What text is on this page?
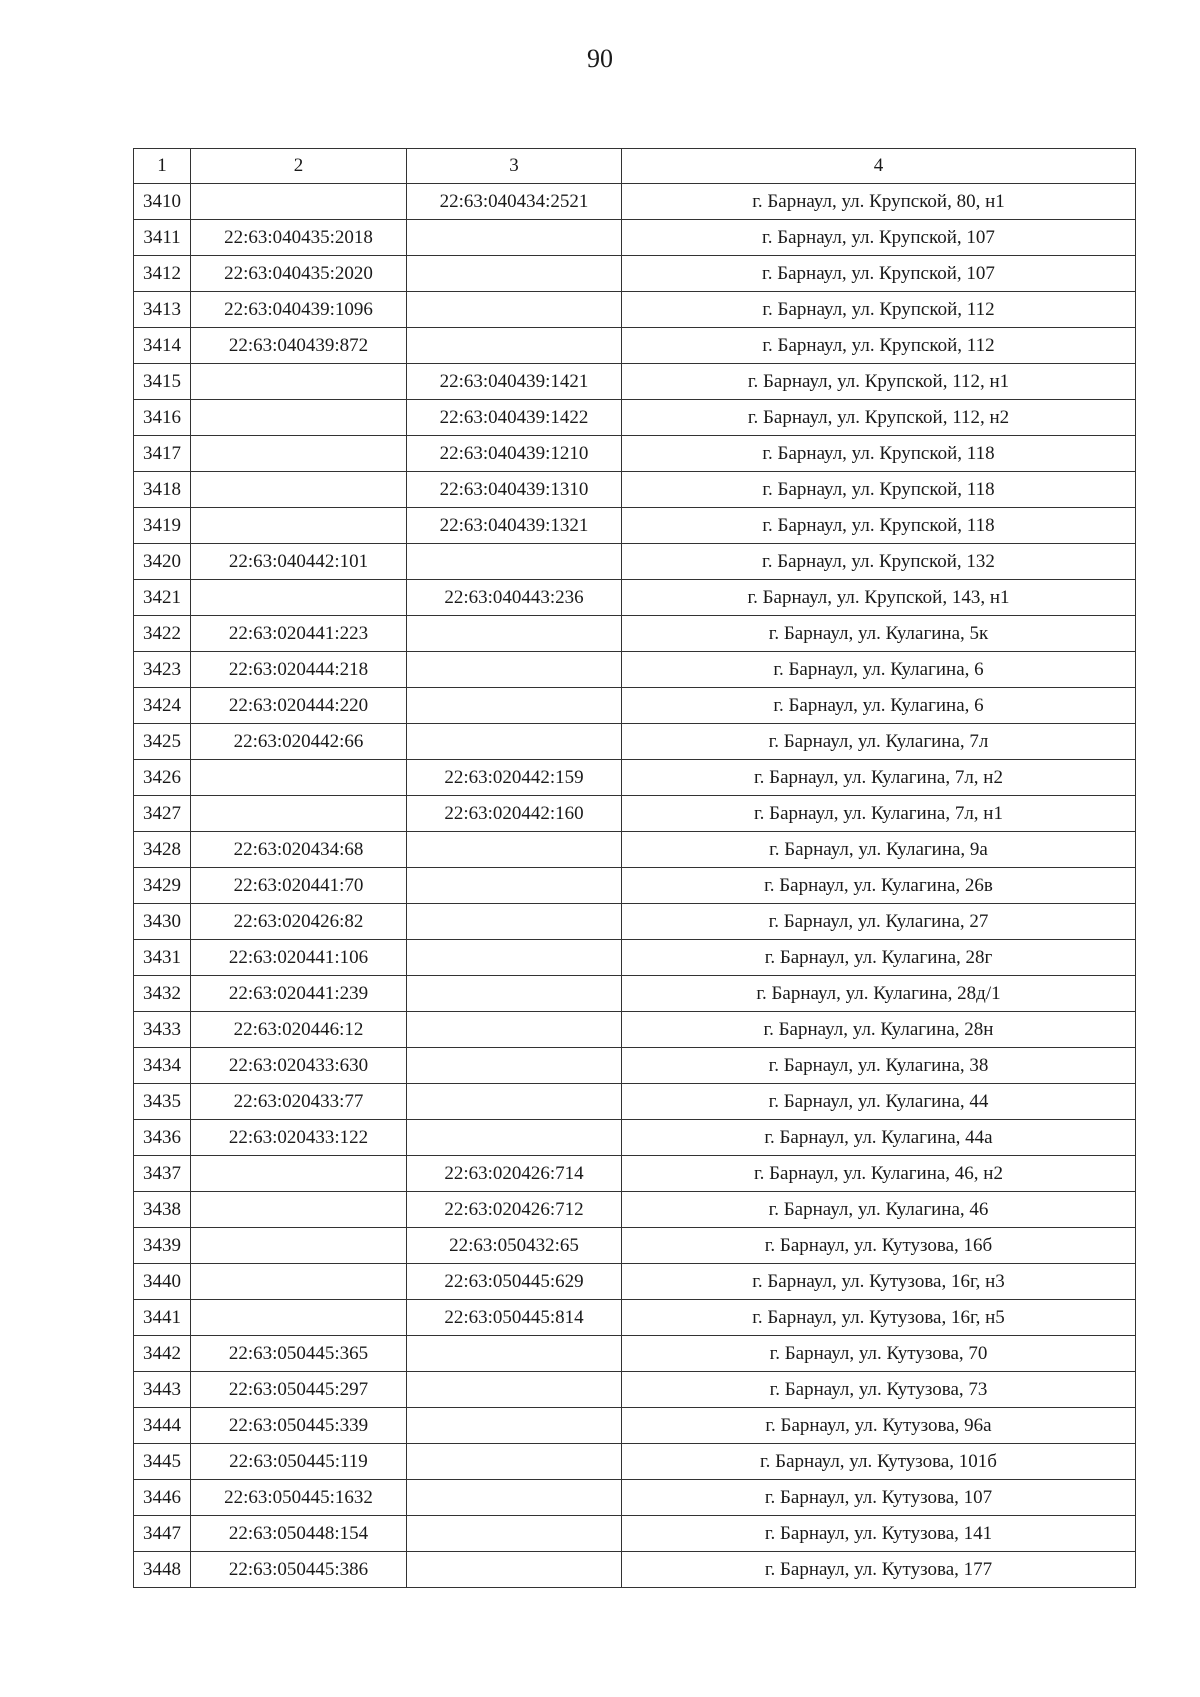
90
1	2	3	4
3410		22:63:040434:2521	г. Барнаул, ул. Крупской, 80, н1
3411	22:63:040435:2018		г. Барнаул, ул. Крупской, 107
3412	22:63:040435:2020		г. Барнаул, ул. Крупской, 107
3413	22:63:040439:1096		г. Барнаул, ул. Крупской, 112
3414	22:63:040439:872		г. Барнаул, ул. Крупской, 112
3415		22:63:040439:1421	г. Барнаул, ул. Крупской, 112, н1
3416		22:63:040439:1422	г. Барнаул, ул. Крупской, 112, н2
3417		22:63:040439:1210	г. Барнаул, ул. Крупской, 118
3418		22:63:040439:1310	г. Барнаул, ул. Крупской, 118
3419		22:63:040439:1321	г. Барнаул, ул. Крупской, 118
3420	22:63:040442:101		г. Барнаул, ул. Крупской, 132
3421		22:63:040443:236	г. Барнаул, ул. Крупской, 143, н1
3422	22:63:020441:223		г. Барнаул, ул. Кулагина, 5к
3423	22:63:020444:218		г. Барнаул, ул. Кулагина, 6
3424	22:63:020444:220		г. Барнаул, ул. Кулагина, 6
3425	22:63:020442:66		г. Барнаул, ул. Кулагина, 7л
3426		22:63:020442:159	г. Барнаул, ул. Кулагина, 7л, н2
3427		22:63:020442:160	г. Барнаул, ул. Кулагина, 7л, н1
3428	22:63:020434:68		г. Барнаул, ул. Кулагина, 9а
3429	22:63:020441:70		г. Барнаул, ул. Кулагина, 26в
3430	22:63:020426:82		г. Барнаул, ул. Кулагина, 27
3431	22:63:020441:106		г. Барнаул, ул. Кулагина, 28г
3432	22:63:020441:239		г. Барнаул, ул. Кулагина, 28д/1
3433	22:63:020446:12		г. Барнаул, ул. Кулагина, 28н
3434	22:63:020433:630		г. Барнаул, ул. Кулагина, 38
3435	22:63:020433:77		г. Барнаул, ул. Кулагина, 44
3436	22:63:020433:122		г. Барнаул, ул. Кулагина, 44а
3437		22:63:020426:714	г. Барнаул, ул. Кулагина, 46, н2
3438		22:63:020426:712	г. Барнаул, ул. Кулагина, 46
3439		22:63:050432:65	г. Барнаул, ул. Кутузова, 16б
3440		22:63:050445:629	г. Барнаул, ул. Кутузова, 16г, н3
3441		22:63:050445:814	г. Барнаул, ул. Кутузова, 16г, н5
3442	22:63:050445:365		г. Барнаул, ул. Кутузова, 70
3443	22:63:050445:297		г. Барнаул, ул. Кутузова, 73
3444	22:63:050445:339		г. Барнаул, ул. Кутузова, 96а
3445	22:63:050445:119		г. Барнаул, ул. Кутузова, 101б
3446	22:63:050445:1632		г. Барнаул, ул. Кутузова, 107
3447	22:63:050448:154		г. Барнаул, ул. Кутузова, 141
3448	22:63:050445:386		г. Барнаул, ул. Кутузова, 177
